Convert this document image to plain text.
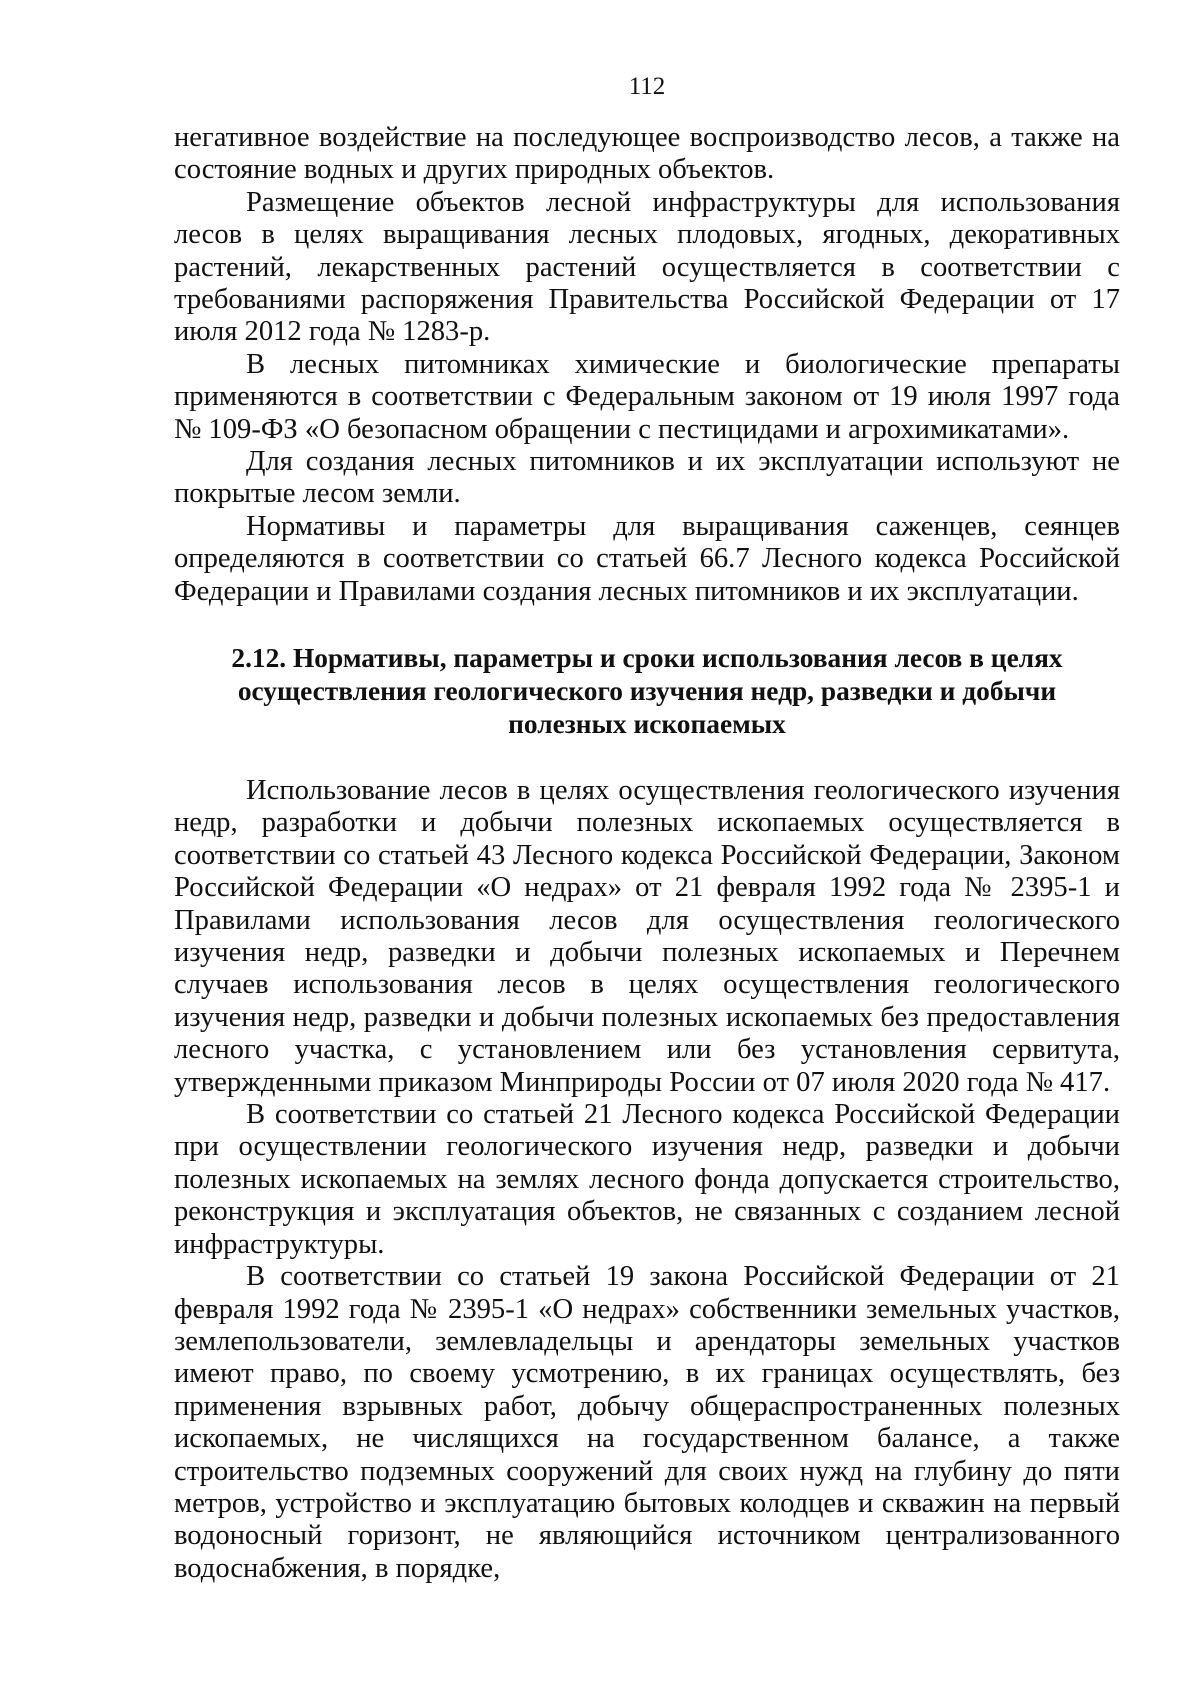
112

негативное воздействие на последующее воспроизводство лесов, а также на состояние водных и других природных объектов.

Размещение объектов лесной инфраструктуры для использования лесов в целях выращивания лесных плодовых, ягодных, декоративных растений, лекарственных растений осуществляется в соответствии с требованиями распоряжения Правительства Российской Федерации от 17 июля 2012 года № 1283-р.

В лесных питомниках химические и биологические препараты применяются в соответствии с Федеральным законом от 19 июля 1997 года № 109-ФЗ «О безопасном обращении с пестицидами и агрохимикатами».

Для создания лесных питомников и их эксплуатации используют не покрытые лесом земли.

Нормативы и параметры для выращивания саженцев, сеянцев определяются в соответствии со статьей 66.7 Лесного кодекса Российской Федерации и Правилами создания лесных питомников и их эксплуатации.

2.12. Нормативы, параметры и сроки использования лесов в целях
осуществления геологического изучения недр, разведки и добычи
полезных ископаемых

Использование лесов в целях осуществления геологического изучения недр, разработки и добычи полезных ископаемых осуществляется в соответствии со статьей 43 Лесного кодекса Российской Федерации, Законом Российской Федерации «О недрах» от 21 февраля 1992 года № 2395-1 и Правилами использования лесов для осуществления геологического изучения недр, разведки и добычи полезных ископаемых и Перечнем случаев использования лесов в целях осуществления геологического изучения недр, разведки и добычи полезных ископаемых без предоставления лесного участка, с установлением или без установления сервитута, утвержденными приказом Минприроды России от 07 июля 2020 года № 417.

В соответствии со статьей 21 Лесного кодекса Российской Федерации при осуществлении геологического изучения недр, разведки и добычи полезных ископаемых на землях лесного фонда допускается строительство, реконструкция и эксплуатация объектов, не связанных с созданием лесной инфраструктуры.

В соответствии со статьей 19 закона Российской Федерации от 21 февраля 1992 года № 2395-1 «О недрах» собственники земельных участков, землепользователи, землевладельцы и арендаторы земельных участков имеют право, по своему усмотрению, в их границах осуществлять, без применения взрывных работ, добычу общераспространенных полезных ископаемых, не числящихся на государственном балансе, а также строительство подземных сооружений для своих нужд на глубину до пяти метров, устройство и эксплуатацию бытовых колодцев и скважин на первый водоносный горизонт, не являющийся источником централизованного водоснабжения, в порядке,
